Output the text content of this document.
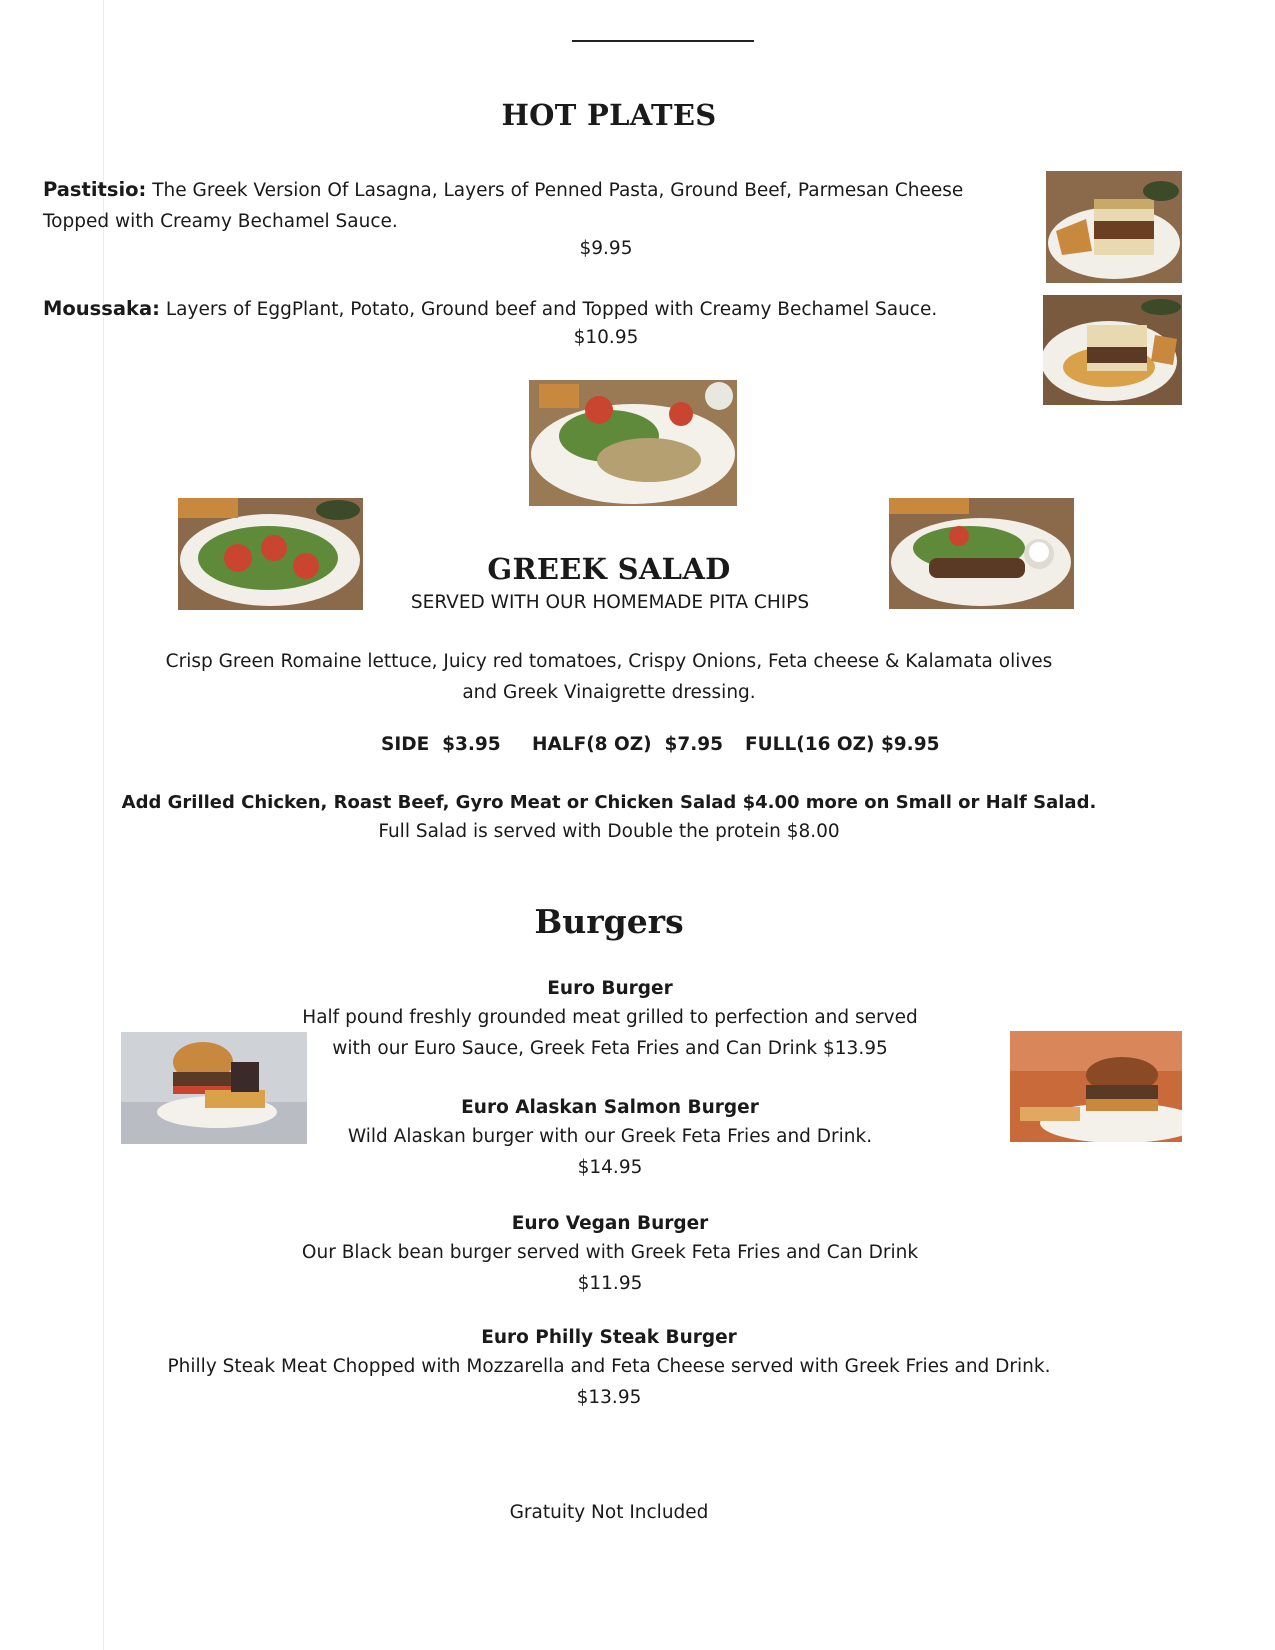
HOT PLATES
Pastitsio: The Greek Version Of Lasagna, Layers of Penned Pasta, Ground Beef, Parmesan Cheese
Topped with Creamy Bechamel Sauce.
$9.95
Moussaka: Layers of EggPlant, Potato, Ground beef and Topped with Creamy Bechamel Sauce.
$10.95
GREEK SALAD
SERVED WITH OUR HOMEMADE PITA CHIPS
Crisp Green Romaine lettuce, Juicy red tomatoes, Crispy Onions, Feta cheese & Kalamata olives
and Greek Vinaigrette dressing.
SIDE $3.95 HALF(8 OZ) $7.95 FULL(16 OZ) $9.95
Add Grilled Chicken, Roast Beef, Gyro Meat or Chicken Salad $4.00 more on Small or Half Salad.
Full Salad is served with Double the protein $8.00
Burgers
Euro Burger
Half pound freshly grounded meat grilled to perfection and served
with our Euro Sauce, Greek Feta Fries and Can Drink $13.95
Euro Alaskan Salmon Burger
Wild Alaskan burger with our Greek Feta Fries and Drink.
$14.95
Euro Vegan Burger
Our Black bean burger served with Greek Feta Fries and Can Drink
$11.95
Euro Philly Steak Burger
Philly Steak Meat Chopped with Mozzarella and Feta Cheese served with Greek Fries and Drink.
$13.95
Gratuity Not Included
